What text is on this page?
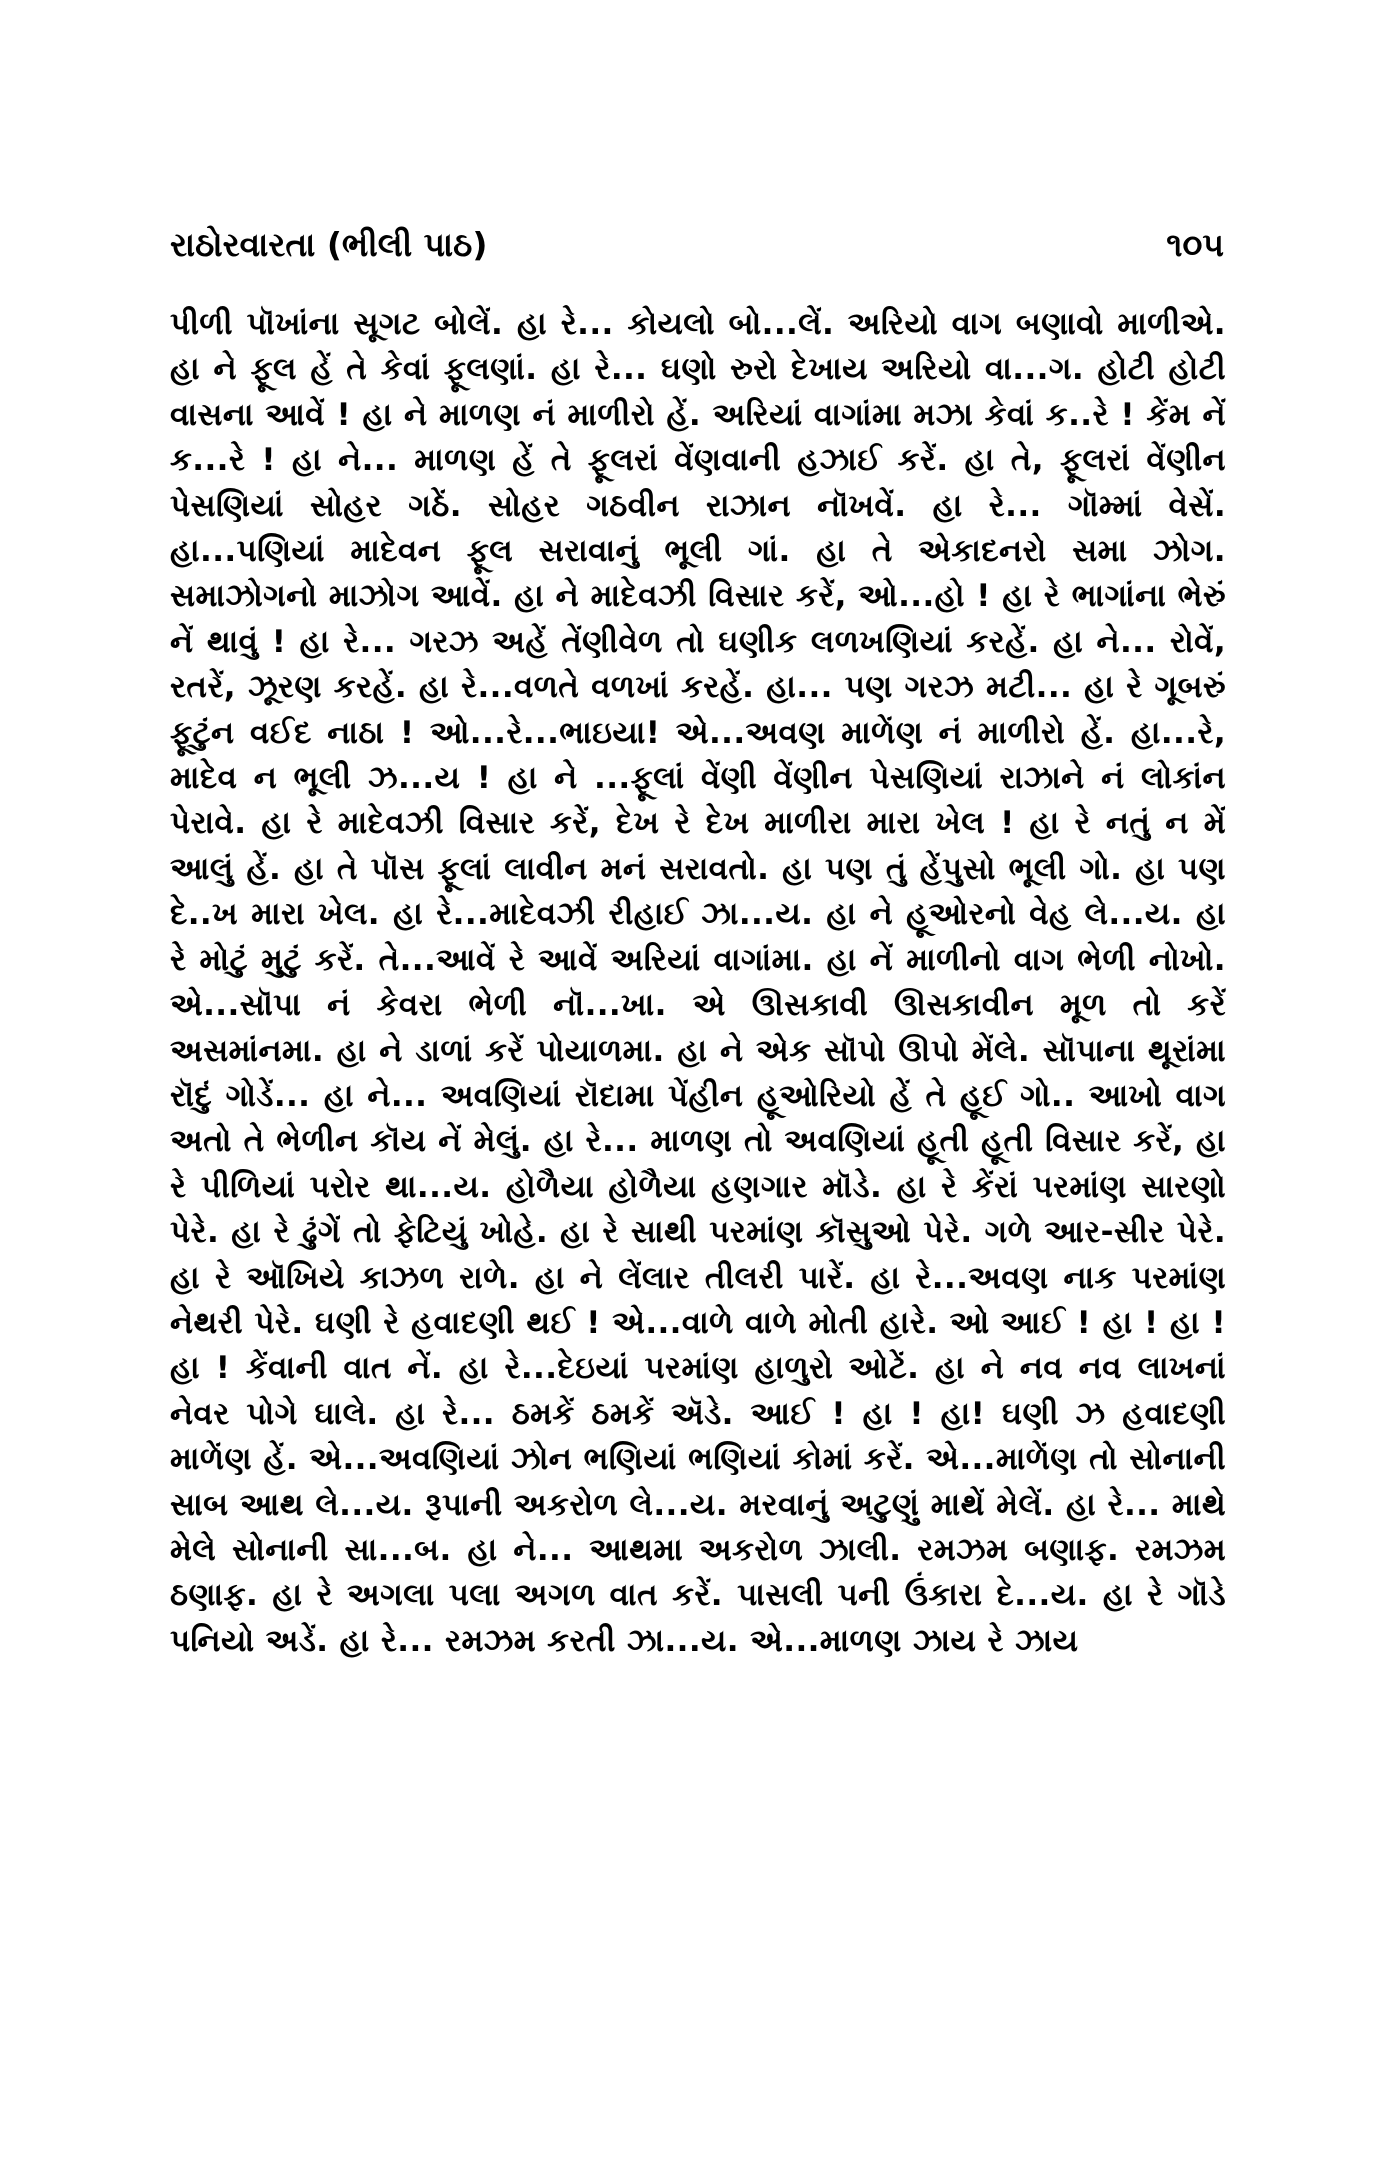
રાઠોરવારતા (ભીલી પાઠ)	૧૦૫

પીળી પૉખાંના સૂગટ બોલેં. હા રે... કોયલો બો...લેં. અરિયો વાગ બણાવો માળીએ. હા ને ફૂલ હેં તે કેવાં ફૂલણાં. હા રે... ઘણો રુરો દેખાય અરિયો વા...ગ. હોટી હોટી વાસના આવેં ! હા ને માળણ નં માળીરો હેં. અરિયાં વાગાંમા મઝા કેવાં ક..રે ! કેંમ નેં ક...રે ! હા ને... માળણ હેં તે ફૂલરાં વેંણવાની હઝાઈ કરેં. હા તે, ફૂલરાં વેંણીન પેસણિયાં સોહર ગઠેં. સોહર ગઠવીન રાઝાન નૉખવેં. હા રે... ગૉમ્માં વેસેં. હા...પણિયાં માદેવન ફૂલ સરાવાનું ભૂલી ગાં. હા તે એકાદનરો સમા ઝોગ. સમાઝોગનો માઝોગ આવેં. હા ને માદેવઝી વિસાર કરેં, ઓ...હો ! હા રે ભાગાંના ભેરું નેં થાવું ! હા રે... ગરઝ અહેં તેંણીવેળ તો ઘણીક લળખણિયાં કરહેં. હા ને... રોવેં, રતરેં, ઝૂરણ કરહેં. હા રે...વળતે વળખાં કરહેં. હા... પણ ગરઝ મટી... હા રે ગૂબરું ફૂટુંન વઈદ નાઠા ! ઓ...રે...ભાઇયા! એ...અવણ માળેંણ નં માળીરો હેં. હા...રે, માદેવ ન ભૂલી ઝ...ય ! હા ને ...ફૂલાં વેંણી વેંણીન પેસણિયાં રાઝાને નં લોકાંન પેરાવે. હા રે માદેવઝી વિસાર કરેં, દેખ રે દેખ માળીરા મારા ખેલ ! હા રે નતું ન મેં આલું હેં. હા તે પૉસ ફૂલાં લાવીન મનં સરાવતો. હા પણ તું હેંપુસો ભૂલી ગો. હા પણ દે..ખ મારા ખેલ. હા રે...માદેવઝી રીહાઈ ઝા...ય. હા ને હૂઓરનો વેહ લે...ય. હા રે મોટું મુટું કરેં. તે...આવેં રે આવેં અરિયાં વાગાંમા. હા નેં માળીનો વાગ ભેળી નોખો. એ...સૉપા નં કેવરા ભેળી નૉ...ખા. એ ઊસકાવી ઊસકાવીન મૂળ તો કરેં અસમાંનમા. હા ને ડાળાં કરેં પોયાળમા. હા ને એક સૉપો ઊપો મેંલે. સૉપાના થૂરાંમા રૉદું ગોડેં... હા ને... અવણિયાં રૉદામા પેંહીન હૂઓરિયો હેં તે હૂઈ ગો.. આખો વાગ અતો તે ભેળીન કૉય નેં મેલું. હા રે... માળણ તો અવણિયાં હૂતી હૂતી વિસાર કરેં, હા રે પીળિયાં પરોર થા...ય. હોળૈયા હોળૈયા હણગાર મૉડે. હા રે કેંરાં પરમાંણ સારણો પેરે. હા રે ઢુંગેં તો ફેટિયું ખોહે. હા રે સાથી પરમાંણ કૉસુઓ પેરે. ગળે આર-સીર પેરે. હા રે ઑખિયે કાઝળ રાળે. હા ને લેંલાર તીલરી પારેં. હા રે...અવણ નાક પરમાંણ નેથરી પેરે. ઘણી રે હવાદણી થઈ ! એ...વાળે વાળે મોતી હારે. ઓ આઈ ! હા ! હા ! હા ! કેંવાની વાત નેં. હા રે...દેઇયાં પરમાંણ હાળુરો ઓટેં. હા ને નવ નવ લાખનાં નેવર પોગે ઘાલે. હા રે... ઠમકેં ઠમકેં ઍડે. આઈ ! હા ! હા! ઘણી ઝ હવાદણી માળેંણ હેં. એ...અવણિયાં ઝોન ભણિયાં ભણિયાં કોમાં કરેં. એ...માળેંણ તો સોનાની સાબ આથ લે...ય. રૂપાની અકરોળ લે...ય. મરવાનું અટુણું માથેં મેલેં. હા રે... માથે મેલે સોનાની સા...બ. હા ને... આથમા અકરોળ ઝાલી. રમઝમ બણાફ. રમઝમ ઠણાફ. હા રે અગલા પલા અગળ વાત કરેં. પાસલી પની ઉંકારા દે...ય. હા રે ગૉડે પનિયો અડેં. હા રે... રમઝમ કરતી ઝા...ય. એ...માળણ ઝાય રે ઝાય
